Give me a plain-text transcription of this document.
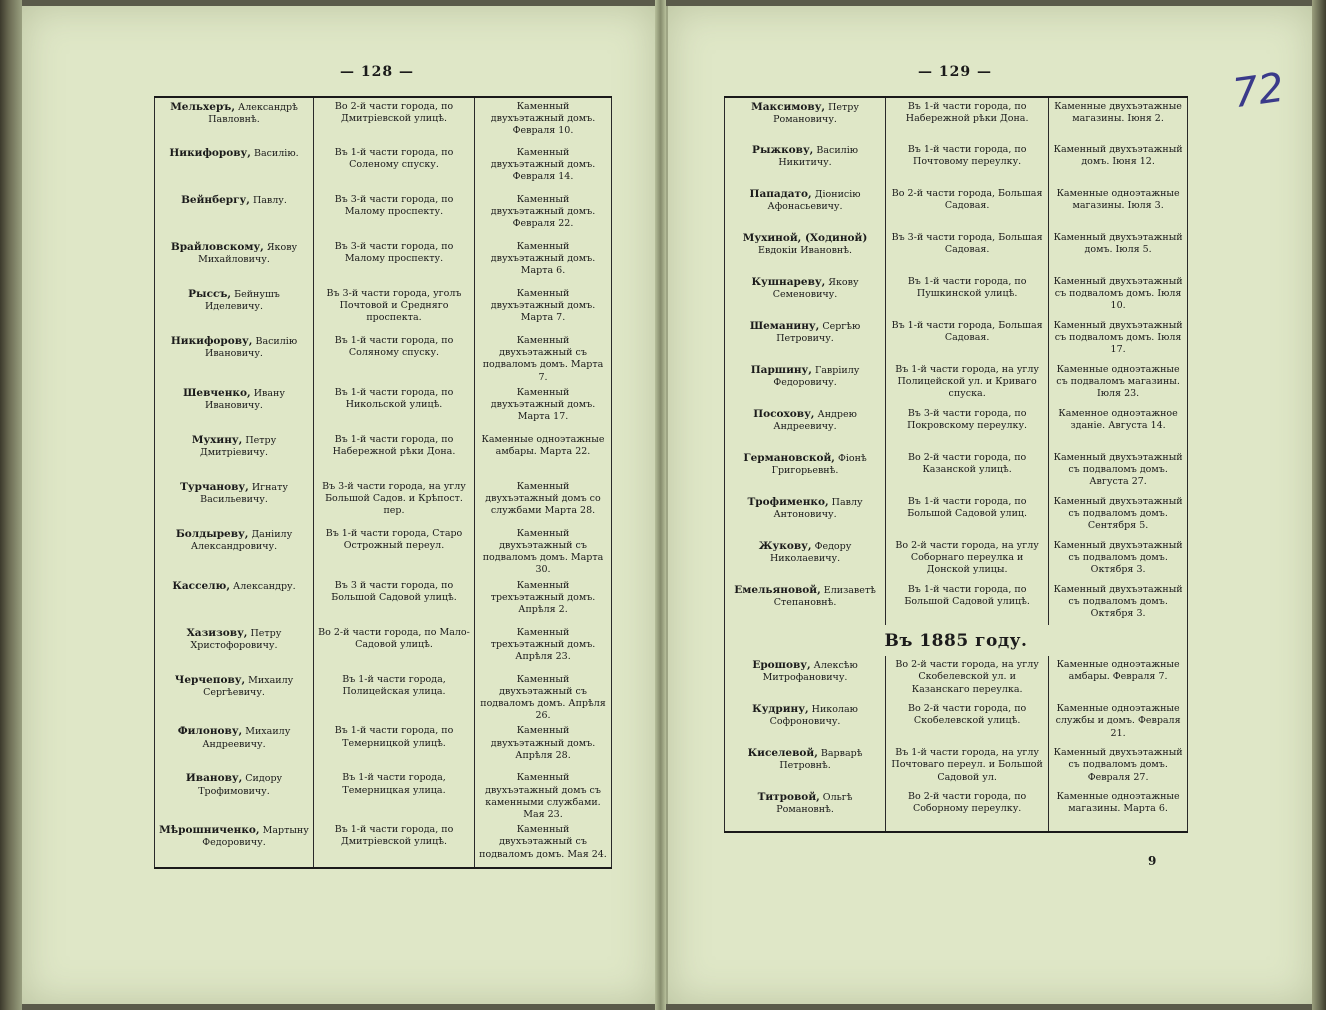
— 128 —
Мельхеръ, Александрѣ Павловнѣ.	Во 2-й части города, по Дмитріевской улицѣ.	Каменный двухъэтажный домъ. Февраля 10.
Никифорову, Василію.	Въ 1-й части города, по Соленому спуску.	Каменный двухъэтажный домъ. Февраля 14.
Вейнбергу, Павлу.	Въ 3-й части города, по Малому проспекту.	Каменный двухъэтажный домъ. Февраля 22.
Врайловскому, Якову Михайловичу.	Въ 3-й части города, по Малому проспекту.	Каменный двухъэтажный домъ. Марта 6.
Рыссъ, Бейнушъ Иделевичу.	Въ 3-й части города, уголъ Почтовой и Средняго проспекта.	Каменный двухъэтажный домъ. Марта 7.
Никифорову, Василію Ивановичу.	Въ 1-й части города, по Соляному спуску.	Каменный двухъэтажный съ подваломъ домъ. Марта 7.
Шевченко, Ивану Ивановичу.	Въ 1-й части города, по Никольской улицѣ.	Каменный двухъэтажный домъ. Марта 17.
Мухину, Петру Дмитріевичу.	Въ 1-й части города, по Набережной рѣки Дона.	Каменные одноэтажные амбары. Марта 22.
Турчанову, Игнату Васильевичу.	Въ 3-й части города, на углу Большой Садов. и Крѣпост. пер.	Каменный двухъэтажный домъ со службами Марта 28.
Болдыреву, Даніилу Александровичу.	Въ 1-й части города, Старо Острожный переул.	Каменный двухъэтажный съ подваломъ домъ. Марта 30.
Касселю, Александру.	Въ 3 й части города, по Большой Садовой улицѣ.	Каменный трехъэтажный домъ. Апрѣля 2.
Хазизову, Петру Христофоровичу.	Во 2-й части города, по Мало-Садовой улицѣ.	Каменный трехъэтажный домъ. Апрѣля 23.
Черчепову, Михаилу Сергѣевичу.	Въ 1-й части города, Полицейская улица.	Каменный двухъэтажный съ подваломъ домъ. Апрѣля 26.
Филонову, Михаилу Андреевичу.	Въ 1-й части города, по Темерницкой улицѣ.	Каменный двухъэтажный домъ. Апрѣля 28.
Иванову, Сидору Трофимовичу.	Въ 1-й части города, Темерницкая улица.	Каменный двухъэтажный домъ съ каменными службами. Мая 23.
Мѣрошниченко, Мартыну Федоровичу.	Въ 1-й части города, по Дмитріевской улицѣ.	Каменный двухъэтажный съ подваломъ домъ. Мая 24.
— 129 —	72
Максимову, Петру Романовичу.	Въ 1-й части города, по Набережной рѣки Дона.	Каменные двухъэтажные магазины. Іюня 2.
Рыжкову, Василію Никитичу.	Въ 1-й части города, по Почтовому переулку.	Каменный двухъэтажный домъ. Іюня 12.
Пападато, Діонисію Афонасьевичу.	Во 2-й части города, Большая Садовая.	Каменные одноэтажные магазины. Іюля 3.
Мухиной, (Ходиной) Евдокіи Ивановнѣ.	Въ 3-й части города, Большая Садовая.	Каменный двухъэтажный домъ. Іюля 5.
Кушнареву, Якову Семеновичу.	Въ 1-й части города, по Пушкинской улицѣ.	Каменный двухъэтажный съ подваломъ домъ. Іюля 10.
Шеманину, Сергѣю Петровичу.	Въ 1-й части города, Большая Садовая.	Каменный двухъэтажный съ подваломъ домъ. Іюля 17.
Паршину, Гавріилу Федоровичу.	Въ 1-й части города, на углу Полицейской ул. и Криваго спуска.	Каменные одноэтажные съ подваломъ магазины. Іюля 23.
Посохову, Андрею Андреевичу.	Въ 3-й части города, по Покровскому переулку.	Каменное одноэтажное зданіе. Августа 14.
Германовской, Фіонѣ Григорьевнѣ.	Во 2-й части города, по Казанской улицѣ.	Каменный двухъэтажный съ подваломъ домъ. Августа 27.
Трофименко, Павлу Антоновичу.	Въ 1-й части города, по Большой Садовой улиц.	Каменный двухъэтажный съ подваломъ домъ. Сентября 5.
Жукову, Федору Николаевичу.	Во 2-й части города, на углу Соборнаго переулка и Донской улицы.	Каменный двухъэтажный съ подваломъ домъ. Октября 3.
Емельяновой, Елизаветѣ Степановнѣ.	Въ 1-й части города, по Большой Садовой улицѣ.	Каменный двухъэтажный съ подваломъ домъ. Октября 3.
Въ 1885 году.		
Ерошову, Алексѣю Митрофановичу.	Во 2-й части города, на углу Скобелевской ул. и Казанскаго переулка.	Каменные одноэтажные амбары. Февраля 7.
Кудрину, Николаю Софроновичу.	Во 2-й части города, по Скобелевской улицѣ.	Каменные одноэтажные службы и домъ. Февраля 21.
Киселевой, Варварѣ Петровнѣ.	Въ 1-й части города, на углу Почтоваго переул. и Большой Садовой ул.	Каменный двухъэтажный съ подваломъ домъ. Февраля 27.
Титровой, Ольгѣ Романовнѣ.	Во 2-й части города, по Соборному переулку.	Каменные одноэтажные магазины. Марта 6.
9
